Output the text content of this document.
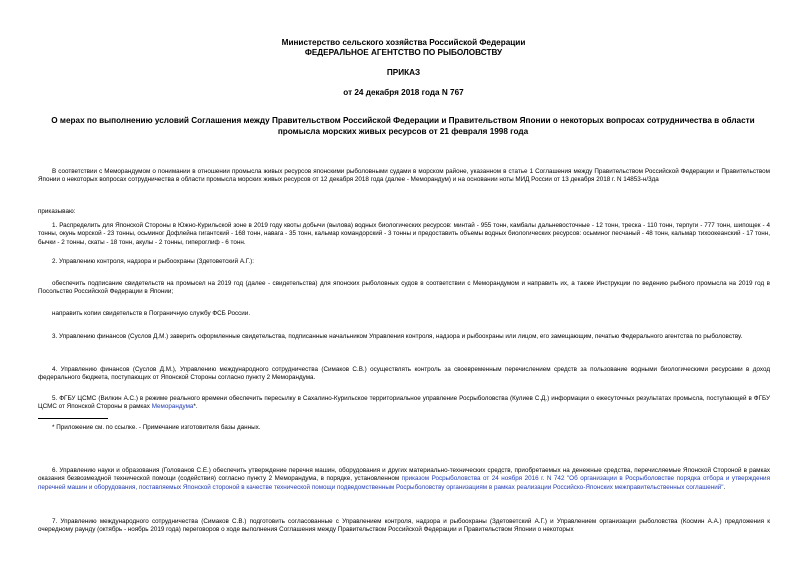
Министерство сельского хозяйства Российской Федерации
ФЕДЕРАЛЬНОЕ АГЕНТСТВО ПО РЫБОЛОВСТВУ
ПРИКАЗ
от 24 декабря 2018 года N 767
О мерах по выполнению условий Соглашения между Правительством Российской Федерации и Правительством Японии о некоторых вопросах сотрудничества в области промысла морских живых ресурсов от 21 февраля 1998 года
В соответствии с Меморандумом о понимании в отношении промысла живых ресурсов японскими рыболовными судами в морском районе, указанном в статье 1 Соглашения между Правительством Российской Федерации и Правительством Японии о некоторых вопросах сотрудничества в области промысла морских живых ресурсов от 12 декабря 2018 года (далее - Меморандум) и на основании ноты МИД России от 13 декабря 2018 г. N 14853-н/3да
приказываю:
1. Распределить для Японской Стороны в Южно-Курильской зоне в 2019 году квоты добычи (вылова) водных биологических ресурсов: минтай - 955 тонн, камбалы дальневосточные - 12 тонн, треска - 110 тонн, терпуги - 777 тонн, шипощек - 4 тонны, окунь морской - 23 тонны, осьминог Дофлейна гигантский - 168 тонн, навага - 35 тонн, кальмар командорский - 3 тонны и предоставить объемы водных биологических ресурсов: осьминог песчаный - 48 тонн, кальмар тихоокеанский - 17 тонн, бычки - 2 тонны, скаты - 18 тонн, акулы - 2 тонны, гипероглиф - 6 тонн.
2. Управлению контроля, надзора и рыбоохраны (Здетоветский А.Г.):
обеспечить подписание свидетельств на промысел на 2019 год (далее - свидетельства) для японских рыболовных судов в соответствии с Меморандумом и направить их, а также Инструкции по ведению рыбного промысла на 2019 год в Посольство Российской Федерации в Японии;
направить копии свидетельств в Пограничную службу ФСБ России.
3. Управлению финансов (Суслов Д.М.) заверить оформленные свидетельства, подписанные начальником Управления контроля, надзора и рыбоохраны или лицом, его замещающим, печатью Федерального агентства по рыболовству.
4. Управлению финансов (Суслов Д.М.), Управлению международного сотрудничества (Симаков С.В.) осуществлять контроль за своевременным перечислением средств за пользование водными биологическими ресурсами в доход федерального бюджета, поступающих от Японской Стороны согласно пункту 2 Меморандума.
5. ФГБУ ЦСМС (Вилкин А.С.) в режиме реального времени обеспечить пересылку в Сахалино-Курильское территориальное управление Росрыболовства (Кулиев С.Д.) информации о ежесуточных результатах промысла, поступающей в ФГБУ ЦСМС от Японской Стороны в рамках Меморандума*.
* Приложение см. по ссылке. - Примечание изготовителя базы данных.
6. Управлению науки и образования (Голованов С.Е.) обеспечить утверждение перечня машин, оборудования и других материально-технических средств, приобретаемых на денежные средства, перечисляемые Японской Стороной в рамках оказания безвозмездной технической помощи (содействия) согласно пункту 2 Меморандума, в порядке, установленном приказом Росрыболовства от 24 ноября 2016 г. N 742 "Об организации в Росрыболовстве порядка отбора и утверждения перечней машин и оборудования, поставляемых Японской стороной в качестве технической помощи подведомственным Росрыболовству организациям в рамках реализации Российско-Японских межправительственных соглашений".
7. Управлению международного сотрудничества (Симаков С.В.) подготовить согласованные с Управлением контроля, надзора и рыбоохраны (Здетоветский А.Г.) и Управлением организации рыболовства (Космин А.А.) предложения к очередному раунду (октябрь - ноябрь 2019 года) переговоров о ходе выполнения Соглашения между Правительством Российской Федерации и Правительством Японии о некоторых
